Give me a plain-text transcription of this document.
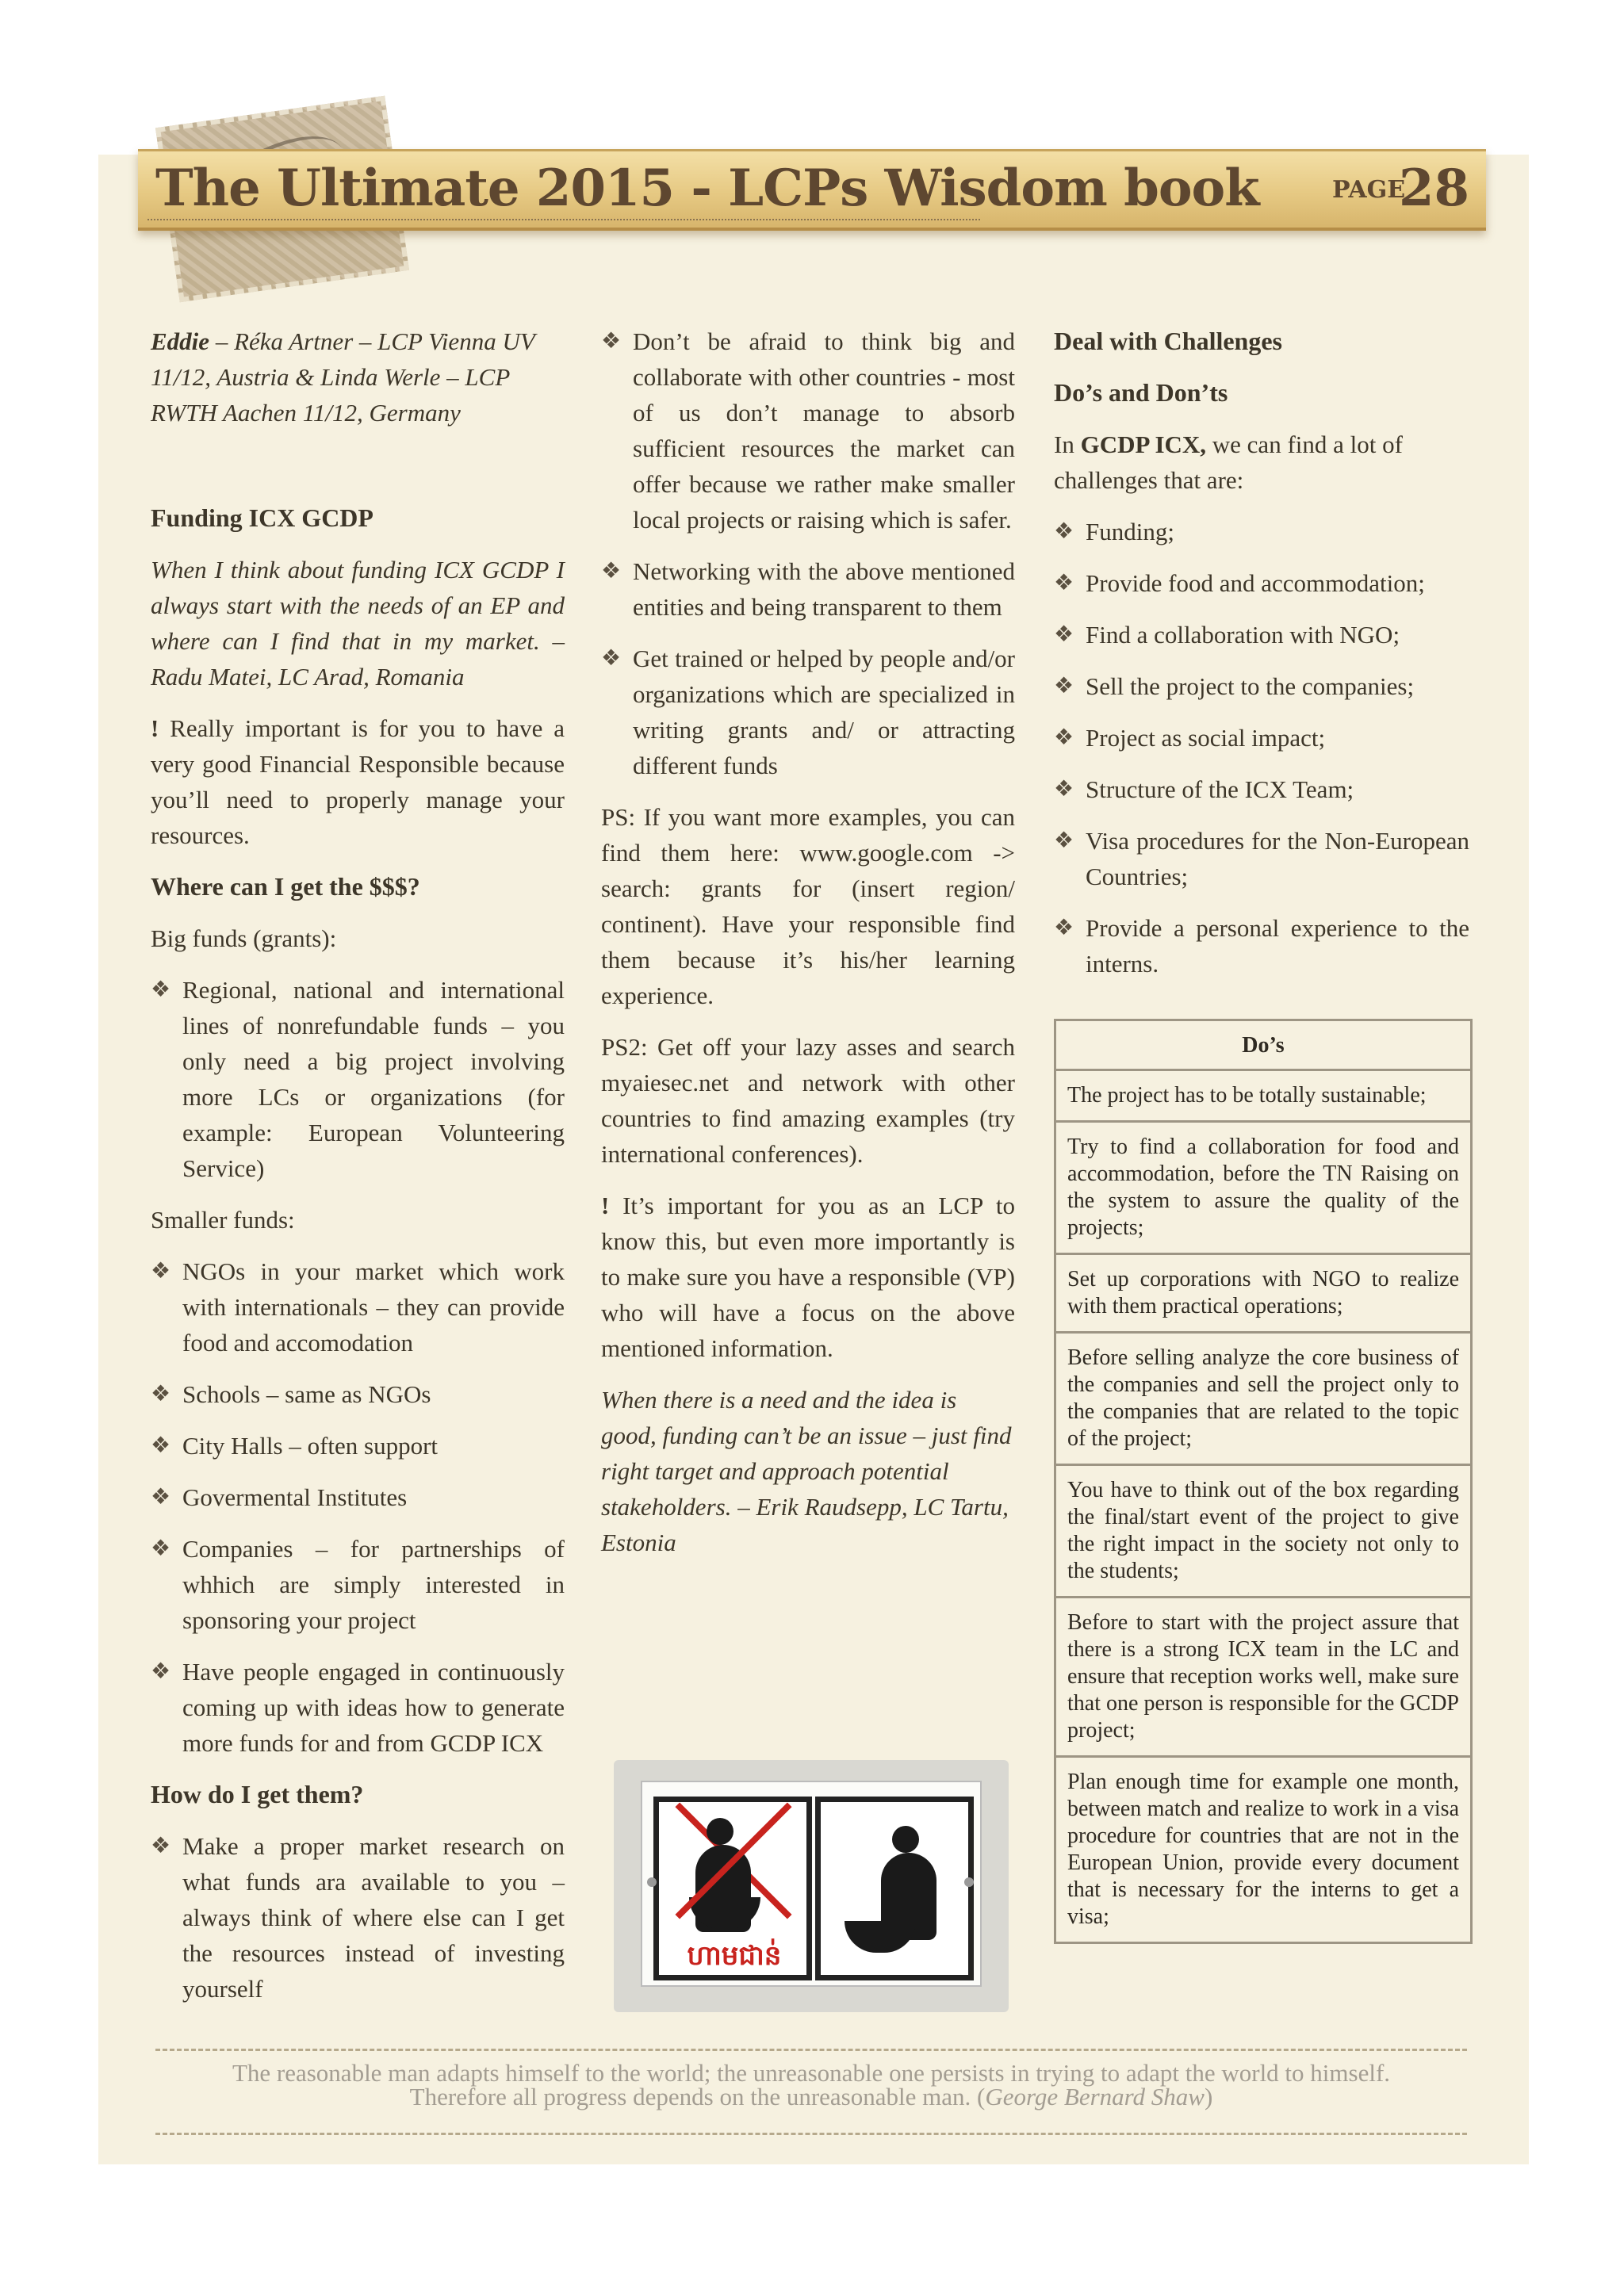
The Ultimate 2015 - LCPs Wisdom book	PAGE
28

Eddie – Réka Artner – LCP Vienna UV 11/12, Austria & Linda Werle – LCP RWTH Aachen 11/12, Germany

Funding ICX GCDP

When I think about funding ICX GCDP I always start with the needs of an EP and where can I find that in my market. – Radu Matei, LC Arad, Romania

! Really important is for you to have a very good Financial Responsible because you’ll need to properly manage your resources.

Where can I get the $$$?

Big funds (grants):

❖ Regional, national and international lines of nonrefundable funds – you only need a big project involving more LCs or organizations (for example: European Volunteering Service)

Smaller funds:

❖ NGOs in your market which work with internationals – they can provide food and accomodation
❖ Schools – same as NGOs
❖ City Halls – often support
❖ Govermental Institutes
❖ Companies – for partnerships of whhich are simply interested in sponsoring your project
❖ Have people engaged in continuously coming up with ideas how to generate more funds for and from GCDP ICX
How do I get them?
❖ Make a proper market research on what funds ara available to you – always think of where else can I get the resources instead of investing yourself
❖ Don’t be afraid to think big and collaborate with other countries - most of us don’t manage to absorb sufficient resources the market can offer because we rather make smaller local projects or raising which is safer.
❖ Networking with the above mentioned entities and being transparent to them
❖ Get trained or helped by people and/or organizations which are specialized in writing grants and/ or attracting different funds

PS: If you want more examples, you can find them here: www.google.com -> search: grants for (insert region/ continent). Have your responsible find them because it’s his/her learning experience.

PS2: Get off your lazy asses and search myaiesec.net and network with other countries to find amazing examples (try international conferences).

! It’s important for you as an LCP to know this, but even more importantly is to make sure you have a responsible (VP) who will have a focus on the above mentioned information.

When there is a need and the idea is good, funding can’t be an issue – just find right target and approach potential stakeholders. – Erik Raudsepp, LC Tartu, Estonia

ហាមជាន់
Deal with Challenges
Do’s and Don’ts

In GCDP ICX, we can find a lot of challenges that are:

❖ Funding;
❖ Provide food and accommodation;
❖ Find a collaboration with NGO;
❖ Sell the project to the companies;
❖ Project as social impact;
❖ Structure of the ICX Team;
❖ Visa procedures for the Non-European Countries;
❖ Provide a personal experience to the interns.
Do’s
The project has to be totally sustainable;
Try to find a collaboration for food and accommodation, before the TN Raising on the system to assure the quality of the projects;
Set up corporations with NGO to realize with them practical operations;
Before selling analyze the core business of the companies and sell the project only to the companies that are related to the topic of the project;
You have to think out of the box regarding the final/start event of the project to give the right impact in the society not only to the students;
Before to start with the project assure that there is a strong ICX team in the LC and ensure that reception works well, make sure that one person is responsible for the GCDP project;
Plan enough time for example one month, between match and realize to work in a visa procedure for countries that are not in the European Union, provide every document that is necessary for the interns to get a visa;
The reasonable man adapts himself to the world; the unreasonable one persists in trying to adapt the world to himself.
Therefore all progress depends on the unreasonable man. (George Bernard Shaw)
